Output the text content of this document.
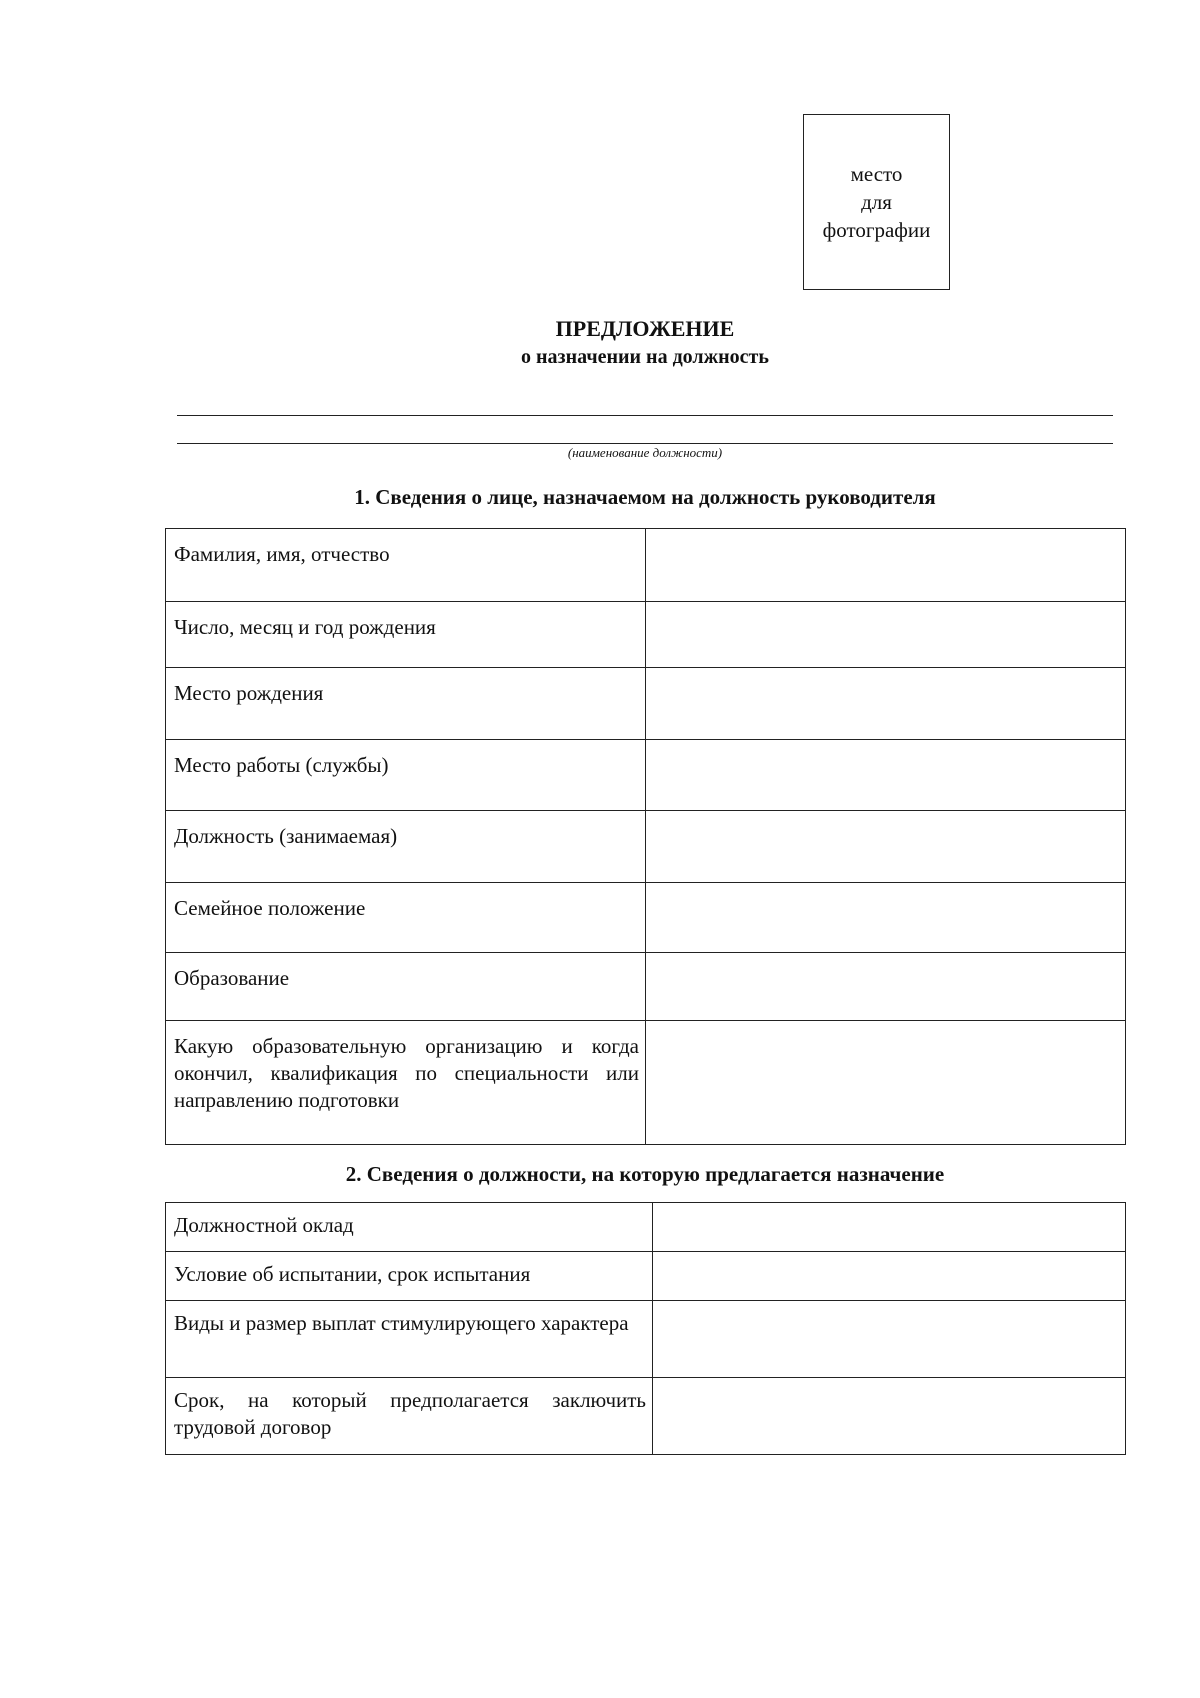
место
для
фотографии
ПРЕДЛОЖЕНИЕ
о назначении на должность
(наименование должности)
1. Сведения о лице, назначаемом на должность руководителя
Фамилия, имя, отчество	
Число, месяц и год рождения	
Место рождения	
Место работы (службы)	
Должность (занимаемая)	
Семейное положение	
Образование	
Какую образовательную организацию и когда окончил, квалификация по специальности или направлению подготовки	
2. Сведения о должности, на которую предлагается назначение
Должностной оклад	
Условие об испытании, срок испытания	
Виды и размер выплат стимулирующего характера	
Срок, на который предполагается заключить трудовой договор	
